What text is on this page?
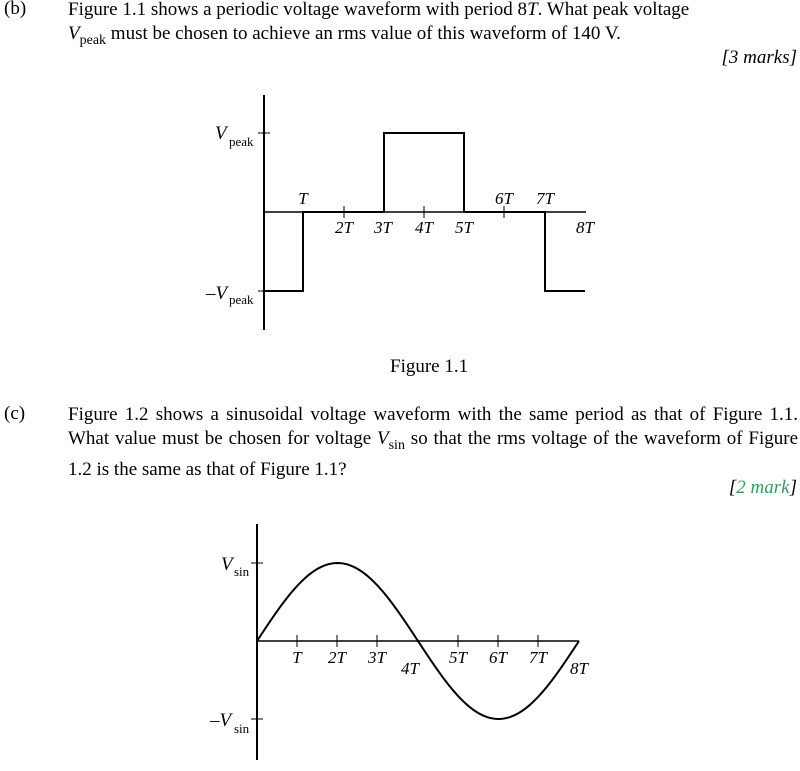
(b) Figure 1.1 shows a periodic voltage waveform with period 8T. What peak voltage
$V_{peak}$ must be chosen to achieve an rms value of this waveform of 140 V.
[3 marks]
V peak
–V peak
T
2T 3T 4T 5T
6T 7T
8T
Figure 1.1
(c) Figure 1.2 shows a sinusoidal voltage waveform with the same period as that of Figure 1.1. What value must be chosen for voltage $V_{sin}$ so that the rms voltage of the waveform of Figure 1.2 is the same as that of Figure 1.1?
[2 mark]
V sin
–V sin
T 2T 3T
4T
5T 6T 7T
8T
